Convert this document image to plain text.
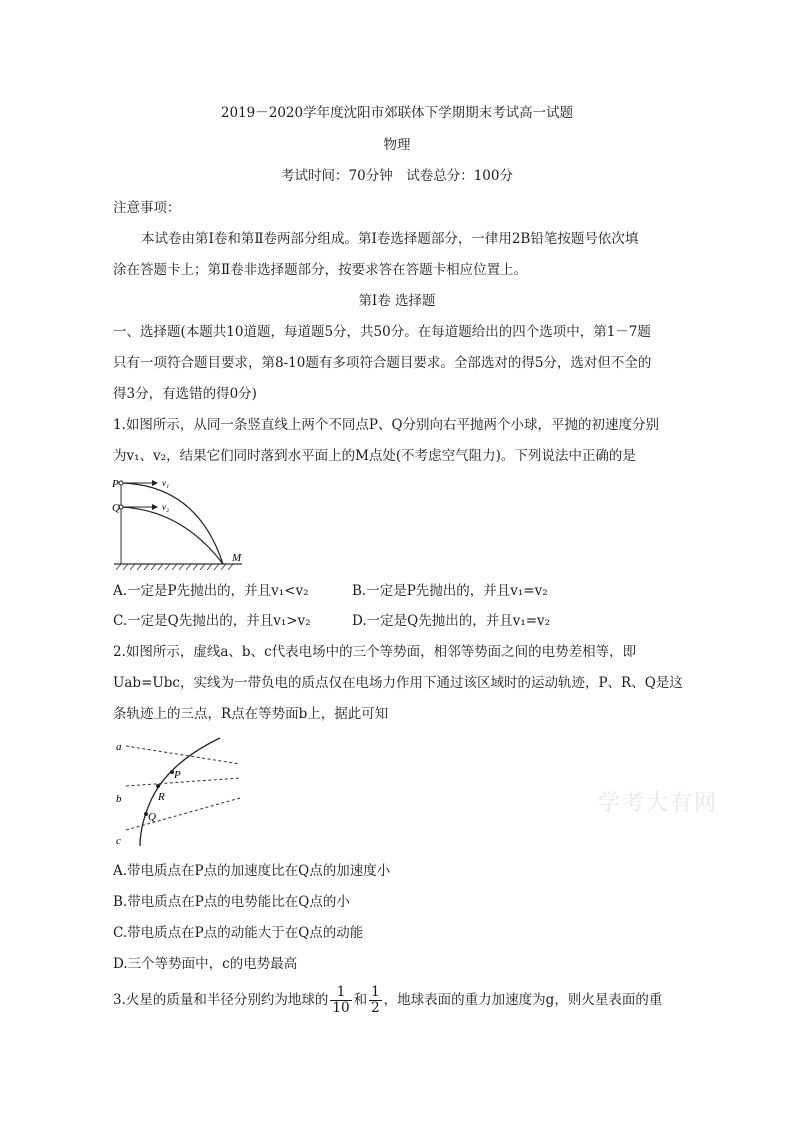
2019－2020学年度沈阳市郊联体下学期期末考试高一试题
物理
考试时间：70分钟　试卷总分：100分
注意事项：
本试卷由第Ⅰ卷和第Ⅱ卷两部分组成。第Ⅰ卷选择题部分，一律用2B铅笔按题号依次填
涂在答题卡上；第Ⅱ卷非选择题部分，按要求答在答题卡相应位置上。
第Ⅰ卷 选择题
一、选择题(本题共10道题，每道题5分，共50分。在每道题给出的四个选项中，第1－7题
只有一项符合题目要求，第8-10题有多项符合题目要求。全部选对的得5分，选对但不全的
得3分，有选错的得0分)
1.如图所示，从同一条竖直线上两个不同点P、Q分别向右平抛两个小球，平抛的初速度分别
为v₁、v₂，结果它们同时落到水平面上的M点处(不考虑空气阻力)。下列说法中正确的是
P
Q
v₁
v₂
M
A.一定是P先抛出的，并且v₁<v₂	B.一定是P先抛出的，并且v₁=v₂
C.一定是Q先抛出的，并且v₁>v₂	D.一定是Q先抛出的，并且v₁=v₂
2.如图所示，虚线a、b、c代表电场中的三个等势面，相邻等势面之间的电势差相等，即
Uab=Ubc，实线为一带负电的质点仅在电场力作用下通过该区域时的运动轨迹，P、R、Q是这
条轨迹上的三点，R点在等势面b上，据此可知
a
b
c
P
R
Q
学考大有网
A.带电质点在P点的加速度比在Q点的加速度小
B.带电质点在P点的电势能比在Q点的小
C.带电质点在P点的动能大于在Q点的动能
D.三个等势面中，c的电势最高
3.火星的质量和半径分别约为地球的 $\frac{1}{10}$ 和 $\frac{1}{2}$ ，地球表面的重力加速度为g，则火星表面的重
